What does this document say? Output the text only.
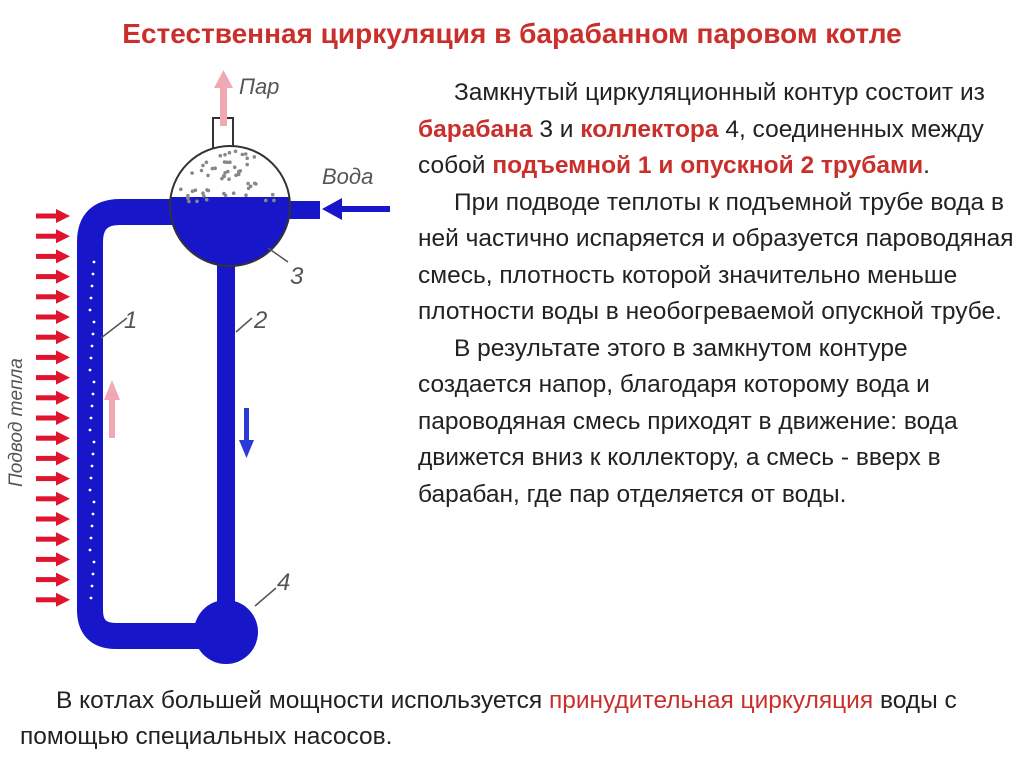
Естественная циркуляция в барабанном паровом котле
Пар
Вода
1	2
3
4
Подвод тепла

Замкнутый циркуляционный контур состоит из барабана 3 и коллектора 4, соединенных между собой подъемной 1 и опускной 2 трубами.

При подводе теплоты к подъемной трубе вода в ней частично испаряется и образуется пароводяная смесь, плотность которой значительно меньше плотности воды в необогреваемой опускной трубе.

В результате этого в замкнутом контуре создается напор, благодаря которому вода и пароводяная смесь приходят в движение: вода движется вниз к коллектору, а смесь - вверх в барабан, где пар отделяется от воды.

В котлах большей мощности используется принудительная циркуляция воды с помощью специальных насосов.
